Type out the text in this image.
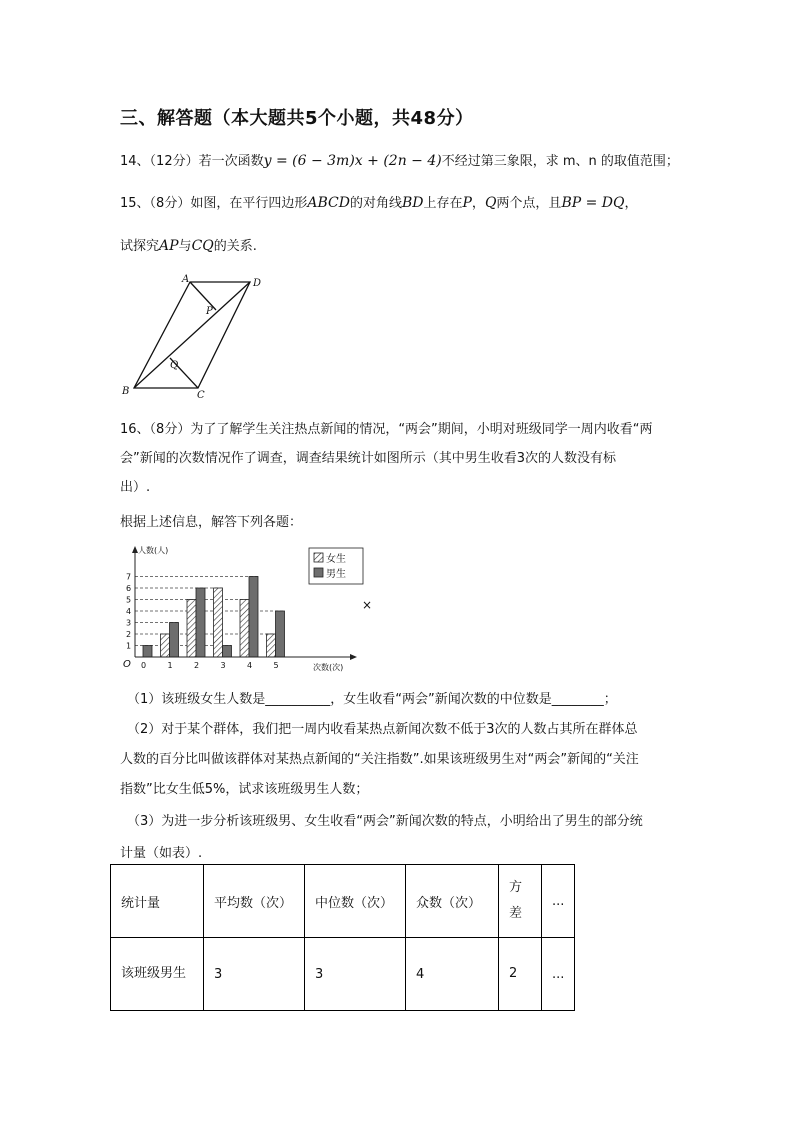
三、解答题（本大题共5个小题，共48分）
14、（12分）若一次函数y = (6 − 3m)x + (2n − 4)不经过第三象限，求 m、n 的取值范围；
15、（8分）如图，在平行四边形ABCD的对角线BD上存在P，Q两个点，且BP = DQ，
试探究AP与CQ的关系.
A	D
P
Q
B	C
16、（8分）为了了解学生关注热点新闻的情况，“两会”期间，小明对班级同学一周内收看“两
会”新闻的次数情况作了调查，调查结果统计如图所示（其中男生收看3次的人数没有标
出）.
根据上述信息，解答下列各题：
0	1	2	3	4	5
1
2
3
4
5
6
7
O
人数(人)
次数(次)
女生
男生
×
（1）该班级女生人数是__________，女生收看“两会”新闻次数的中位数是________；
（2）对于某个群体，我们把一周内收看某热点新闻次数不低于3次的人数占其所在群体总
人数的百分比叫做该群体对某热点新闻的“关注指数”.如果该班级男生对“两会”新闻的“关注
指数”比女生低5%，试求该班级男生人数；
（3）为进一步分析该班级男、女生收看“两会”新闻次数的特点，小明给出了男生的部分统
计量（如表）.
统计量	平均数（次）	中位数（次）	众数（次）	方差	...
该班级男生	3	3	4	2	...
